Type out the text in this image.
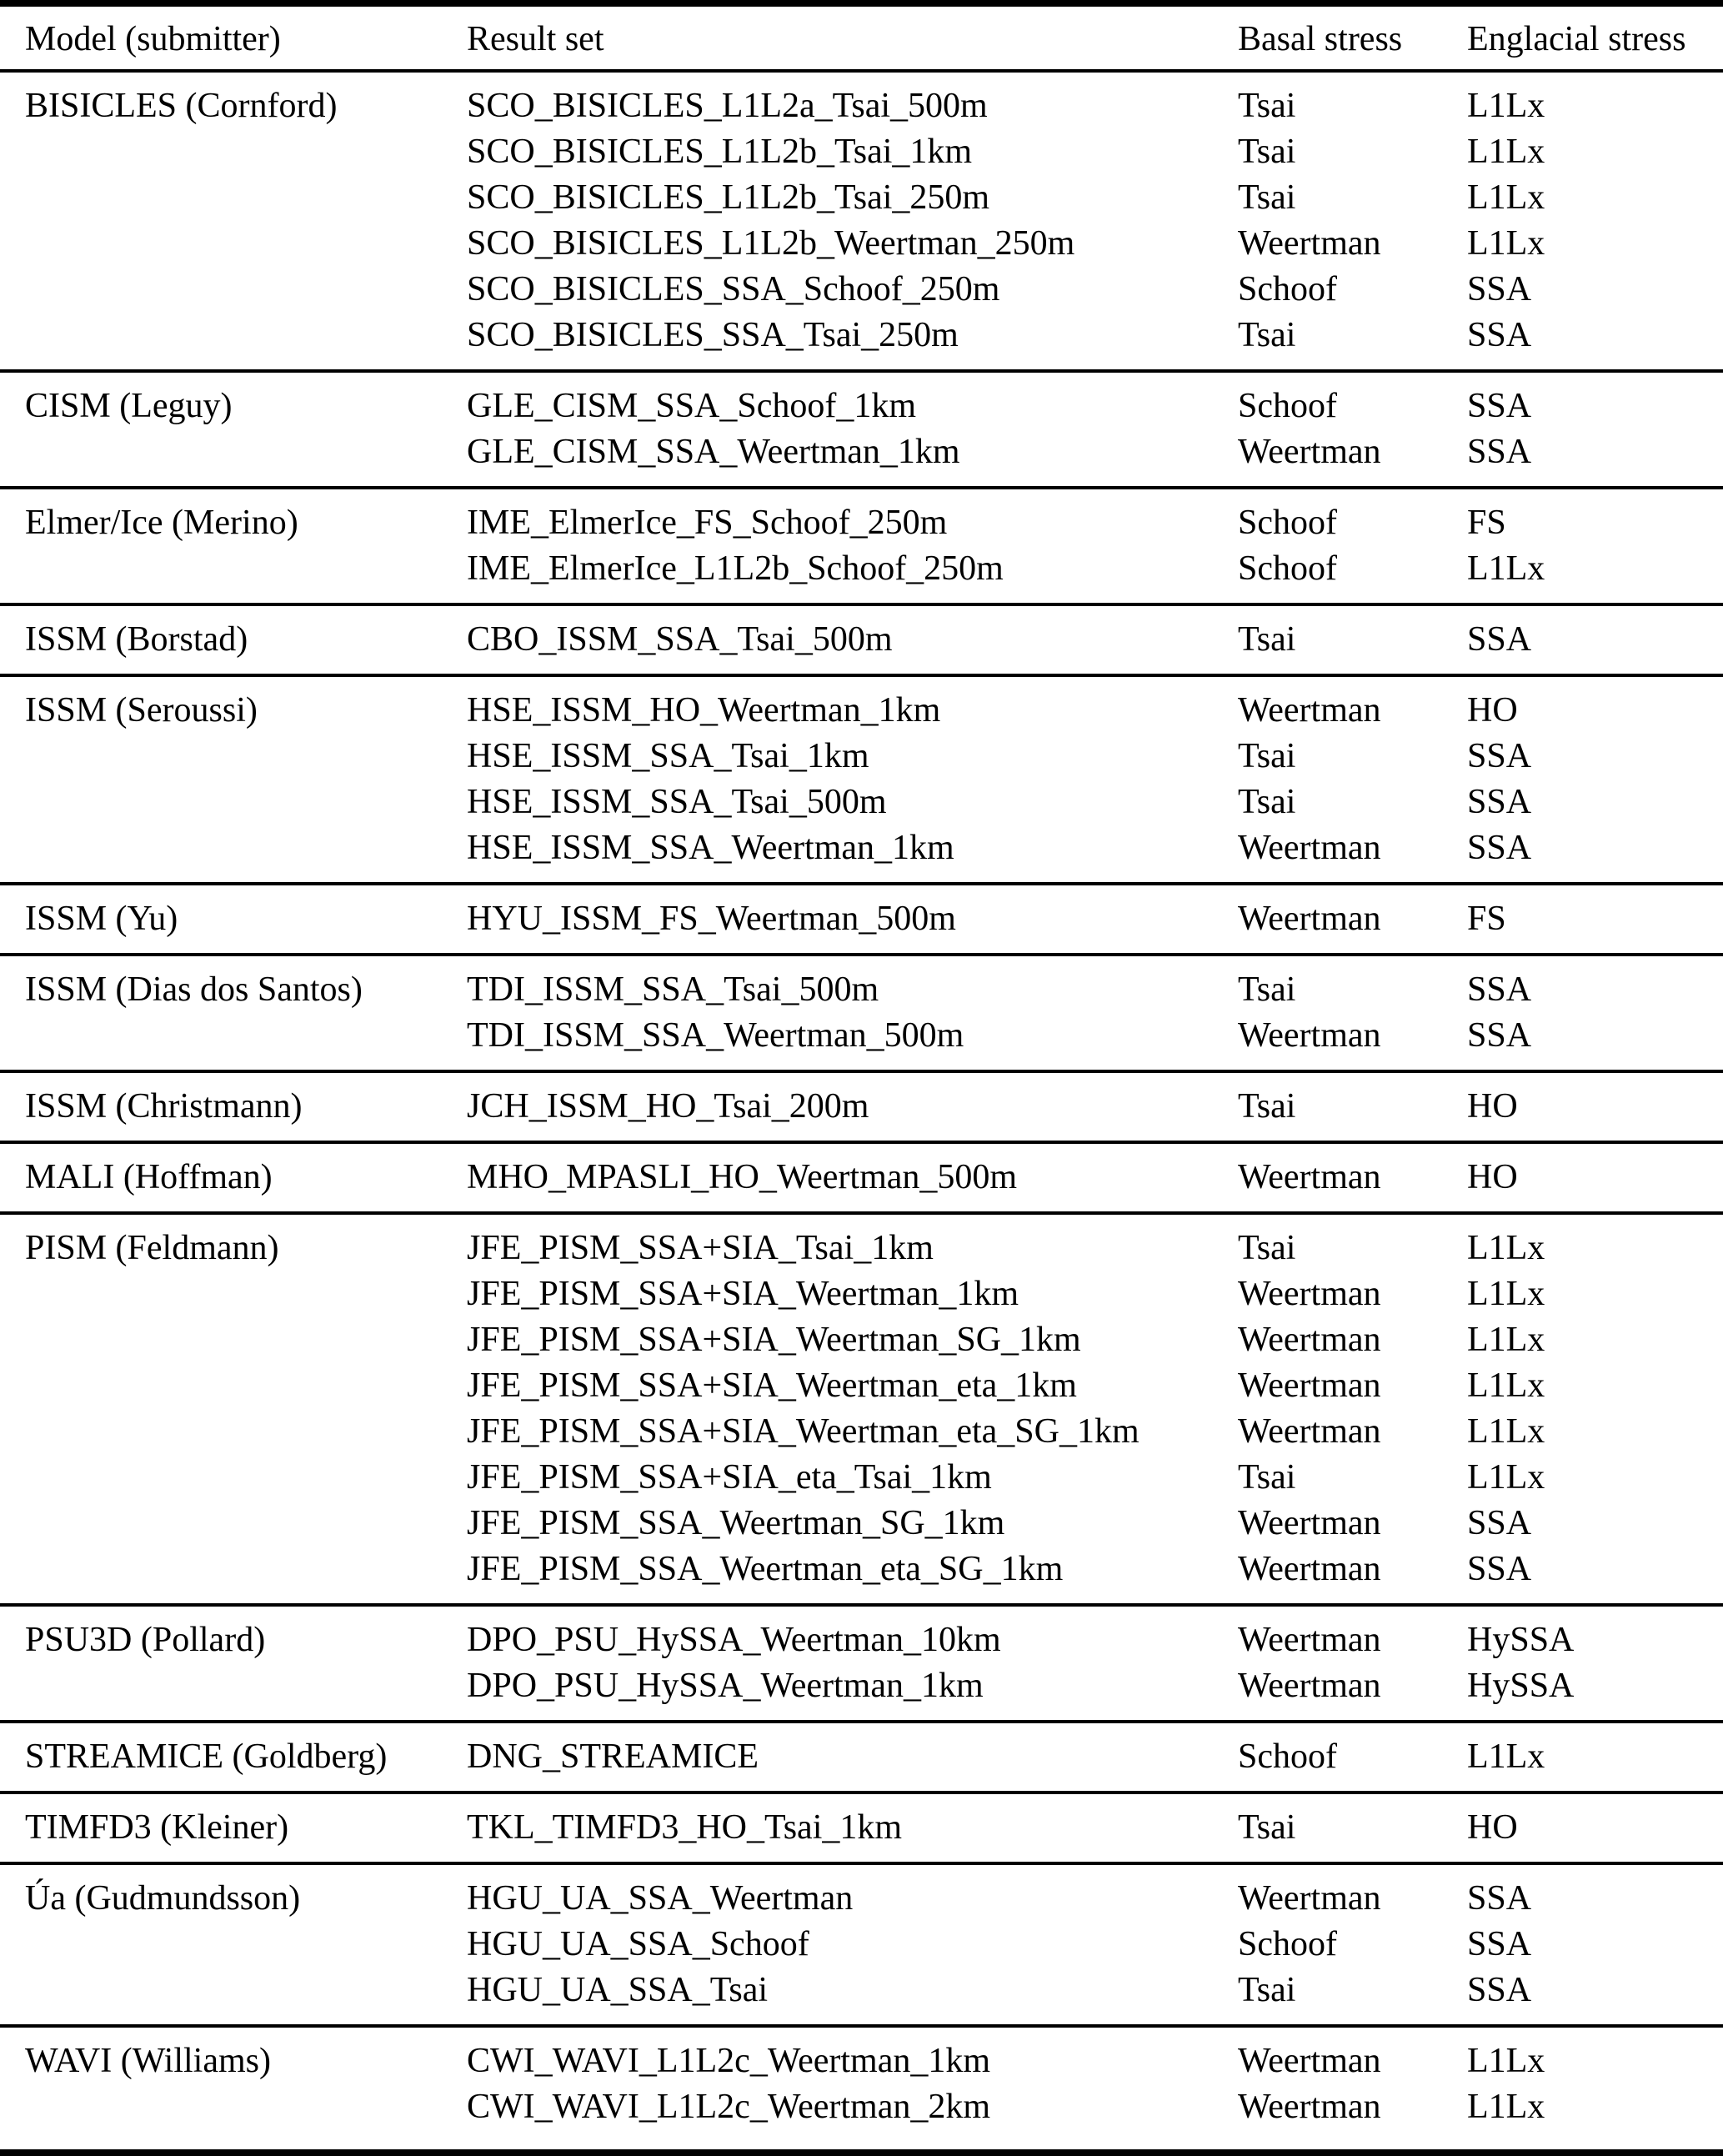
Model (submitter)	Result set	Basal stress	Englacial stress
BISICLES (Cornford)	SCO_BISICLES_L1L2a_Tsai_500m	Tsai	L1Lx
SCO_BISICLES_L1L2b_Tsai_1km	Tsai	L1Lx
SCO_BISICLES_L1L2b_Tsai_250m	Tsai	L1Lx
SCO_BISICLES_L1L2b_Weertman_250m	Weertman	L1Lx
SCO_BISICLES_SSA_Schoof_250m	Schoof	SSA
SCO_BISICLES_SSA_Tsai_250m	Tsai	SSA
CISM (Leguy)	GLE_CISM_SSA_Schoof_1km	Schoof	SSA
GLE_CISM_SSA_Weertman_1km	Weertman	SSA
Elmer/Ice (Merino)	IME_ElmerIce_FS_Schoof_250m	Schoof	FS
IME_ElmerIce_L1L2b_Schoof_250m	Schoof	L1Lx
ISSM (Borstad)	CBO_ISSM_SSA_Tsai_500m	Tsai	SSA
ISSM (Seroussi)	HSE_ISSM_HO_Weertman_1km	Weertman	HO
HSE_ISSM_SSA_Tsai_1km	Tsai	SSA
HSE_ISSM_SSA_Tsai_500m	Tsai	SSA
HSE_ISSM_SSA_Weertman_1km	Weertman	SSA
ISSM (Yu)	HYU_ISSM_FS_Weertman_500m	Weertman	FS
ISSM (Dias dos Santos)	TDI_ISSM_SSA_Tsai_500m	Tsai	SSA
TDI_ISSM_SSA_Weertman_500m	Weertman	SSA
ISSM (Christmann)	JCH_ISSM_HO_Tsai_200m	Tsai	HO
MALI (Hoffman)	MHO_MPASLI_HO_Weertman_500m	Weertman	HO
PISM (Feldmann)	JFE_PISM_SSA+SIA_Tsai_1km	Tsai	L1Lx
JFE_PISM_SSA+SIA_Weertman_1km	Weertman	L1Lx
JFE_PISM_SSA+SIA_Weertman_SG_1km	Weertman	L1Lx
JFE_PISM_SSA+SIA_Weertman_eta_1km	Weertman	L1Lx
JFE_PISM_SSA+SIA_Weertman_eta_SG_1km	Weertman	L1Lx
JFE_PISM_SSA+SIA_eta_Tsai_1km	Tsai	L1Lx
JFE_PISM_SSA_Weertman_SG_1km	Weertman	SSA
JFE_PISM_SSA_Weertman_eta_SG_1km	Weertman	SSA
PSU3D (Pollard)	DPO_PSU_HySSA_Weertman_10km	Weertman	HySSA
DPO_PSU_HySSA_Weertman_1km	Weertman	HySSA
STREAMICE (Goldberg)	DNG_STREAMICE	Schoof	L1Lx
TIMFD3 (Kleiner)	TKL_TIMFD3_HO_Tsai_1km	Tsai	HO
Úa (Gudmundsson)	HGU_UA_SSA_Weertman	Weertman	SSA
HGU_UA_SSA_Schoof	Schoof	SSA
HGU_UA_SSA_Tsai	Tsai	SSA
WAVI (Williams)	CWI_WAVI_L1L2c_Weertman_1km	Weertman	L1Lx
CWI_WAVI_L1L2c_Weertman_2km	Weertman	L1Lx
